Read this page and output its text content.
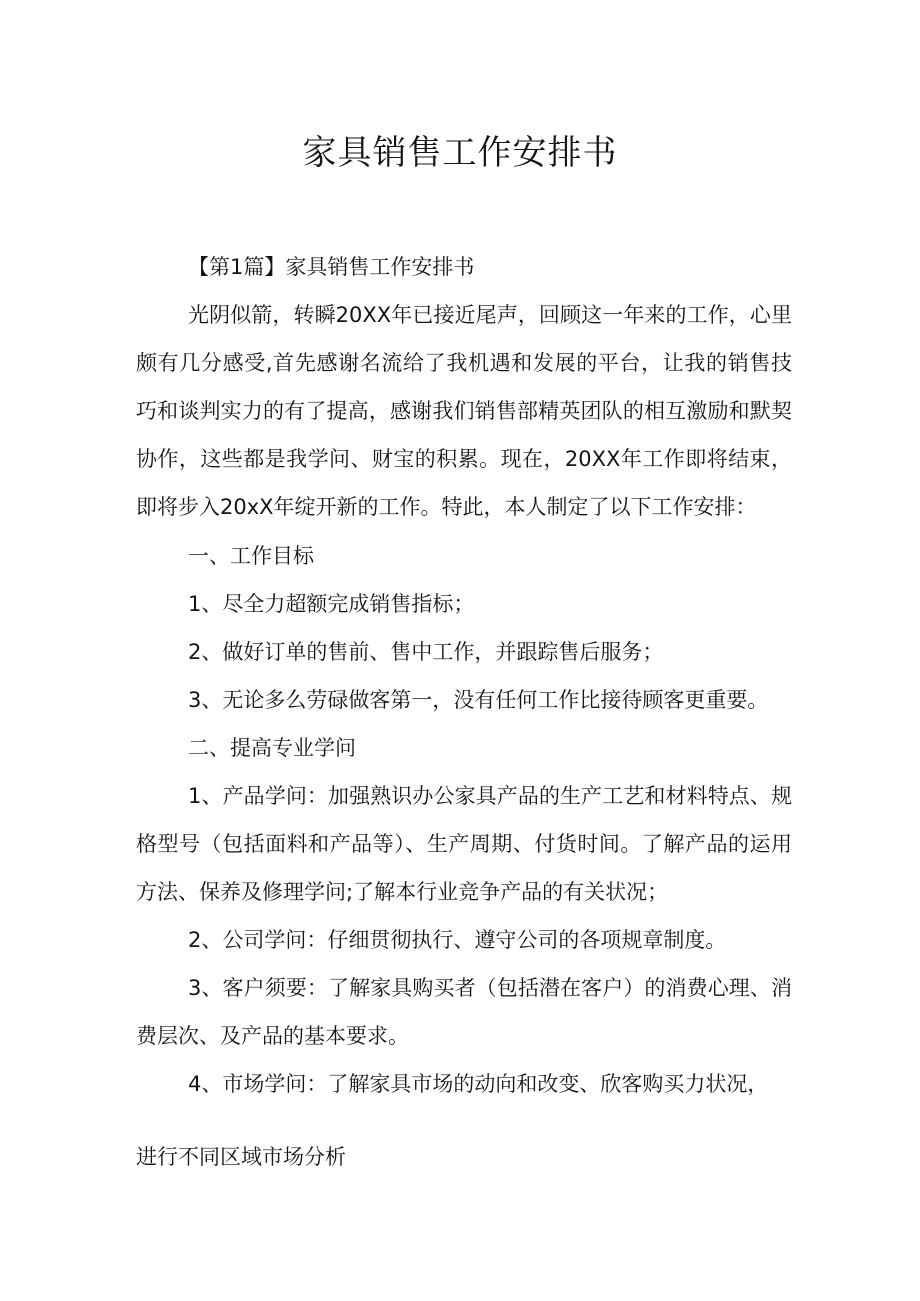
家具销售工作安排书

【第1篇】家具销售工作安排书

光阴似箭，转瞬20XX年已接近尾声，回顾这一年来的工作，心里颇有几分感受,首先感谢名流给了我机遇和发展的平台，让我的销售技巧和谈判实力的有了提高，感谢我们销售部精英团队的相互激励和默契协作，这些都是我学问、财宝的积累。现在，20XX年工作即将结束，即将步入20xX年绽开新的工作。特此，本人制定了以下工作安排：

一、工作目标

1、尽全力超额完成销售指标；

2、做好订单的售前、售中工作，并跟踪售后服务；

3、无论多么劳碌做客第一，没有任何工作比接待顾客更重要。

二、提高专业学问

1、产品学问：加强熟识办公家具产品的生产工艺和材料特点、规格型号（包括面料和产品等）、生产周期、付货时间。了解产品的运用方法、保养及修理学问;了解本行业竞争产品的有关状况；

2、公司学问：仔细贯彻执行、遵守公司的各项规章制度。

3、客户须要：了解家具购买者（包括潜在客户）的消费心理、消费层次、及产品的基本要求。

4、市场学问：了解家具市场的动向和改变、欣客购买力状况，

进行不同区域市场分析
